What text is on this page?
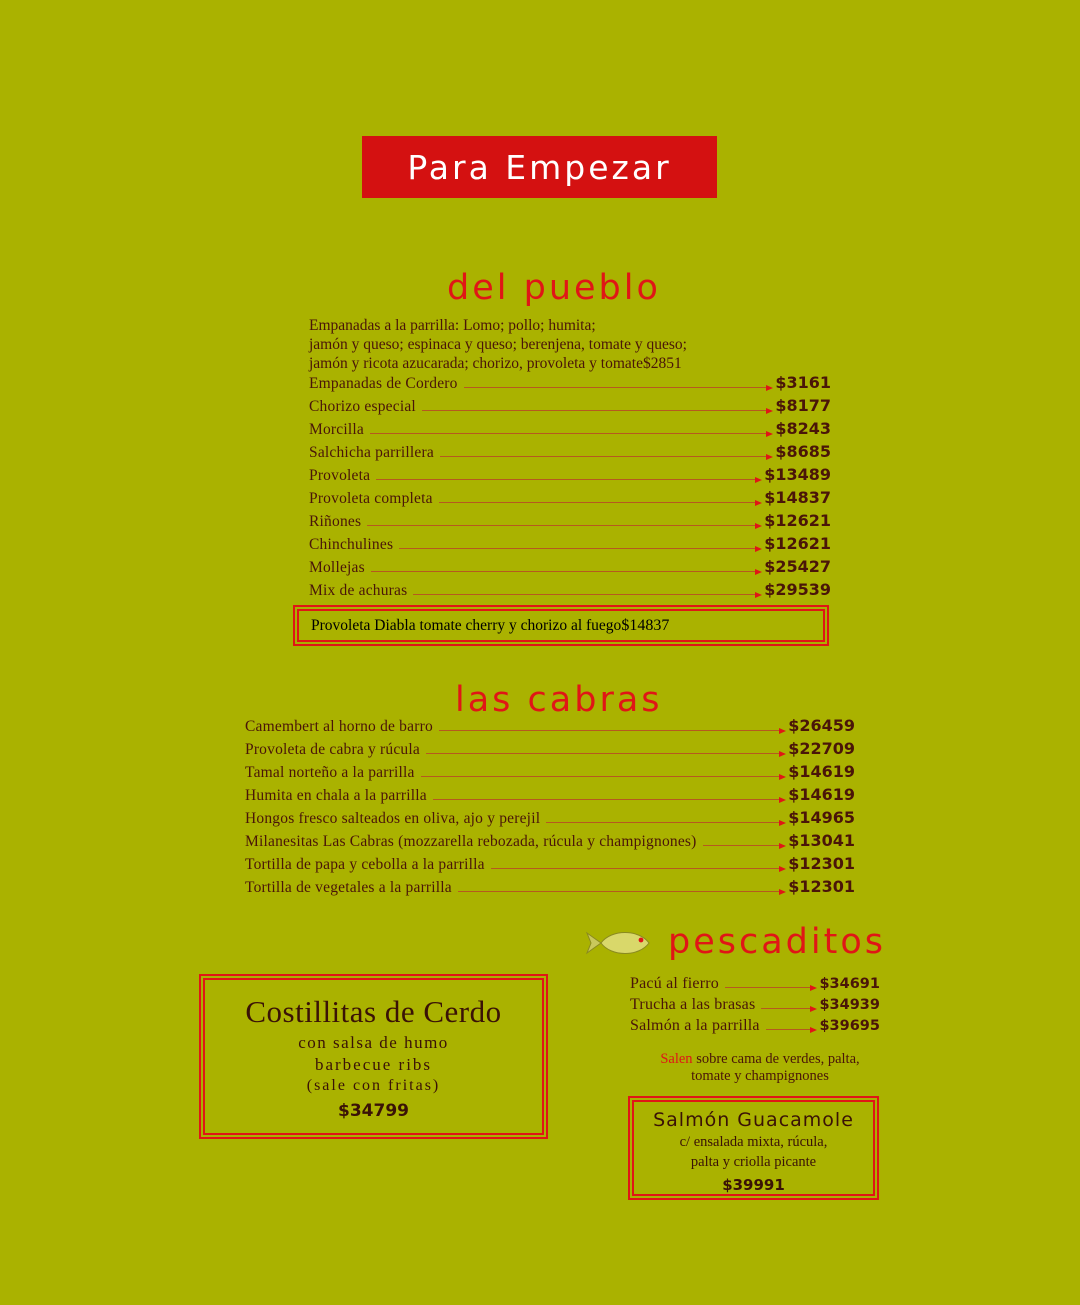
Para Empezar
del pueblo
Empanadas a la parrilla: Lomo; pollo; humita;
jamón y queso; espinaca y queso; berenjena, tomate y queso;
jamón y ricota azucarada; chorizo, provoleta y tomate $2851
Empanadas de Cordero	$3161
Chorizo especial	$8177
Morcilla	$8243
Salchicha parrillera	$8685
Provoleta	$13489
Provoleta completa	$14837
Riñones	$12621
Chinchulines	$12621
Mollejas	$25427
Mix de achuras	$29539
Provoleta Diabla tomate cherry y chorizo al fuego $14837
las cabras
Camembert al horno de barro	$26459
Provoleta de cabra y rúcula	$22709
Tamal norteño a la parrilla	$14619
Humita en chala a la parrilla	$14619
Hongos fresco salteados en oliva, ajo y perejil	$14965
Milanesitas Las Cabras (mozzarella rebozada, rúcula y champignones)	$13041
Tortilla de papa y cebolla a la parrilla	$12301
Tortilla de vegetales a la parrilla	$12301
pescaditos
Pacú al fierro	$34691
Trucha a las brasas	$34939
Salmón a la parrilla	$39695
Salen sobre cama de verdes, palta,
tomate y champignones
Costillitas de Cerdo
con salsa de humo
barbecue ribs
(sale con fritas)
$34799	Salmón Guacamole
c/ ensalada mixta, rúcula,
palta y criolla picante
$39991
